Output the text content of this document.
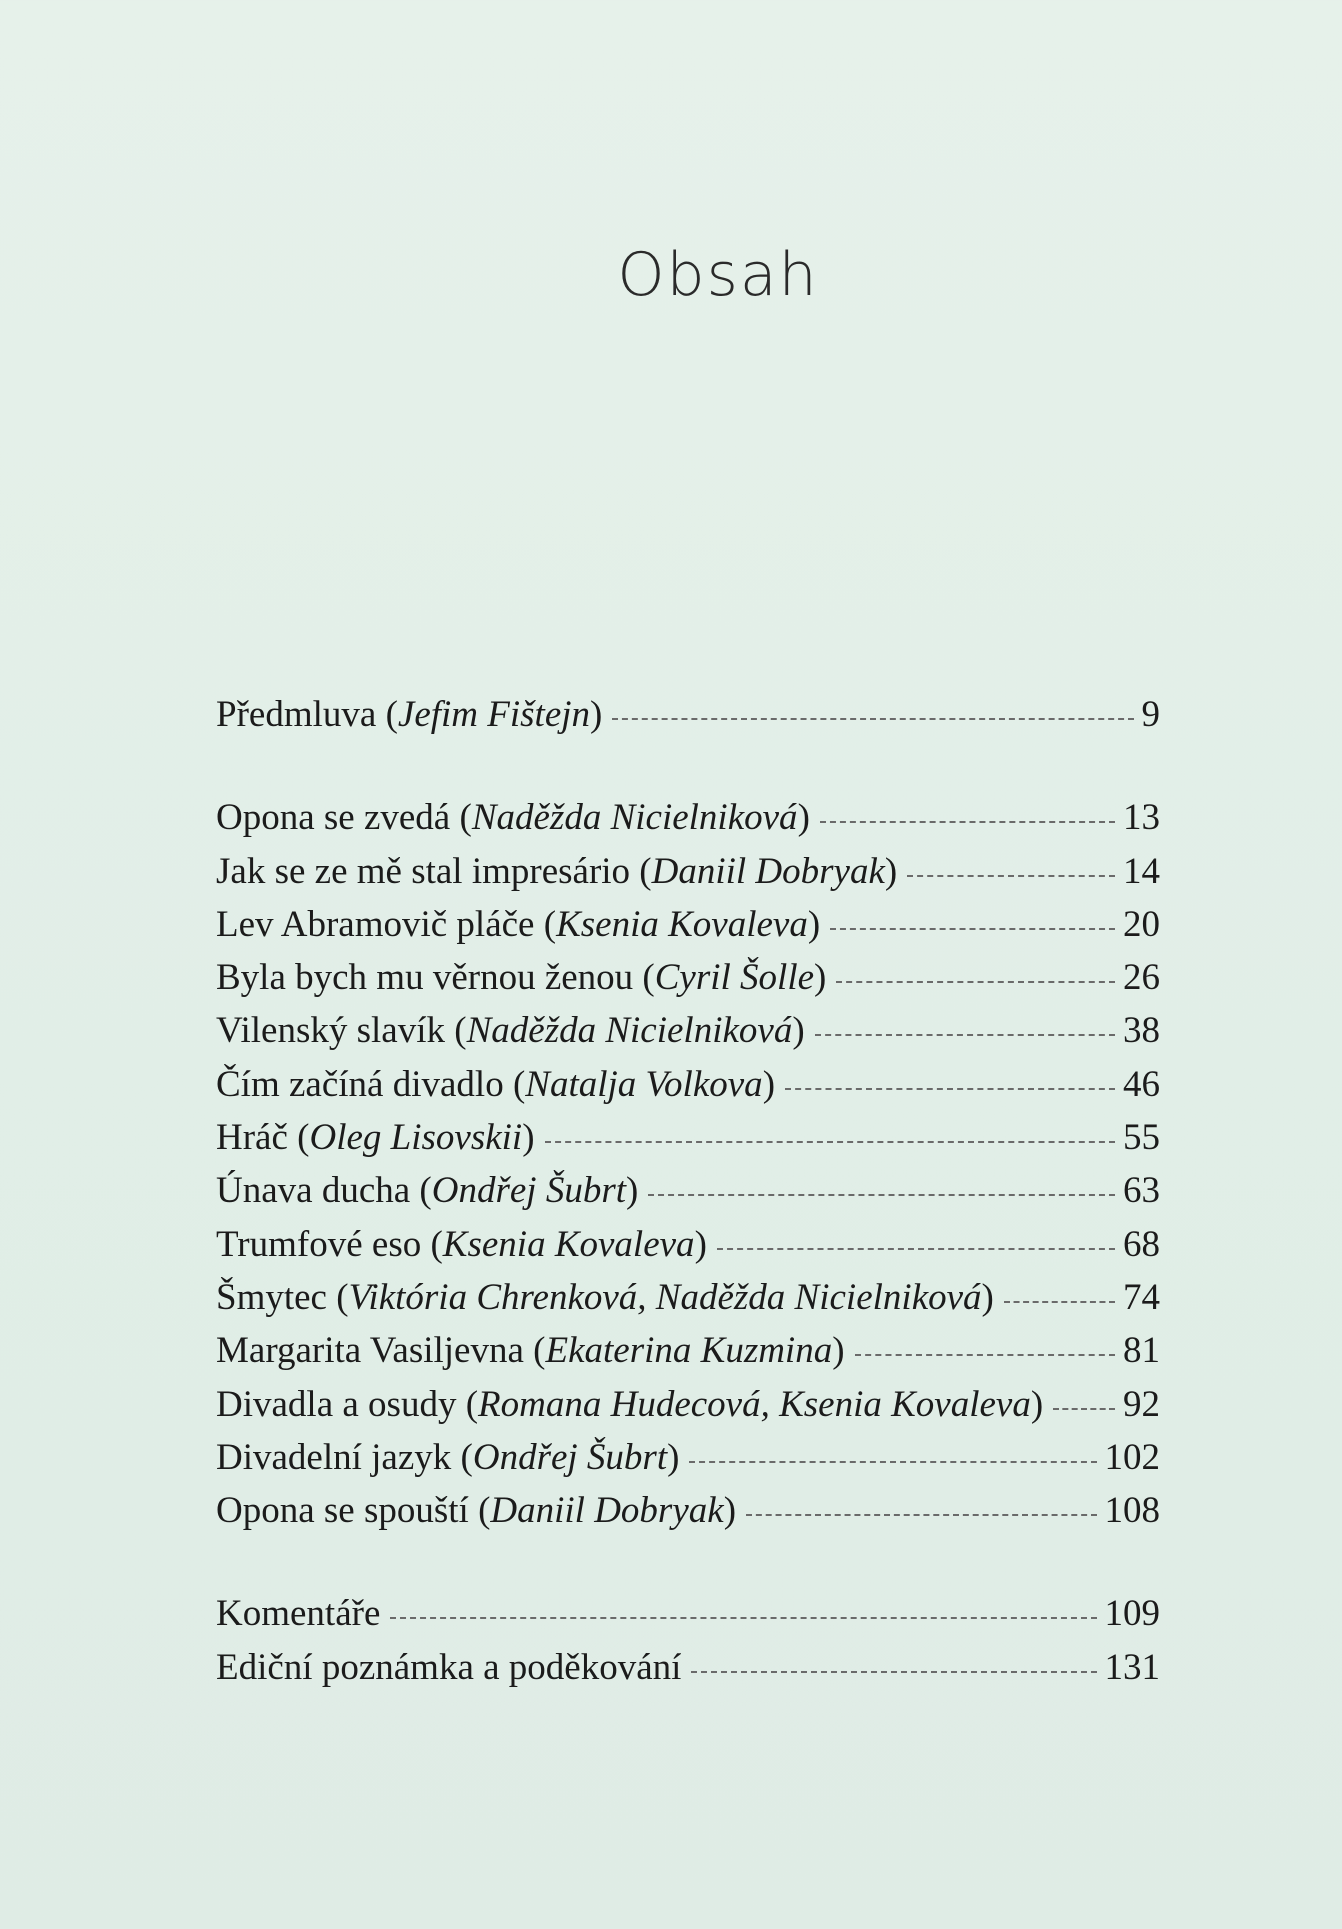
Obsah
Předmluva (Jefim Fištejn)	9
Opona se zvedá (Naděžda Nicielniková)	13
Jak se ze mě stal impresário (Daniil Dobryak)	14
Lev Abramovič pláče (Ksenia Kovaleva)	20
Byla bych mu věrnou ženou (Cyril Šolle)	26
Vilenský slavík (Naděžda Nicielniková)	38
Čím začíná divadlo (Natalja Volkova)	46
Hráč (Oleg Lisovskii)	55
Únava ducha (Ondřej Šubrt)	63
Trumfové eso (Ksenia Kovaleva)	68
Šmytec (Viktória Chrenková, Naděžda Nicielniková)	74
Margarita Vasiljevna (Ekaterina Kuzmina)	81
Divadla a osudy (Romana Hudecová, Ksenia Kovaleva) 92
Divadelní jazyk (Ondřej Šubrt)	102
Opona se spouští (Daniil Dobryak)	108
Komentáře	109
Ediční poznámka a poděkování	131
